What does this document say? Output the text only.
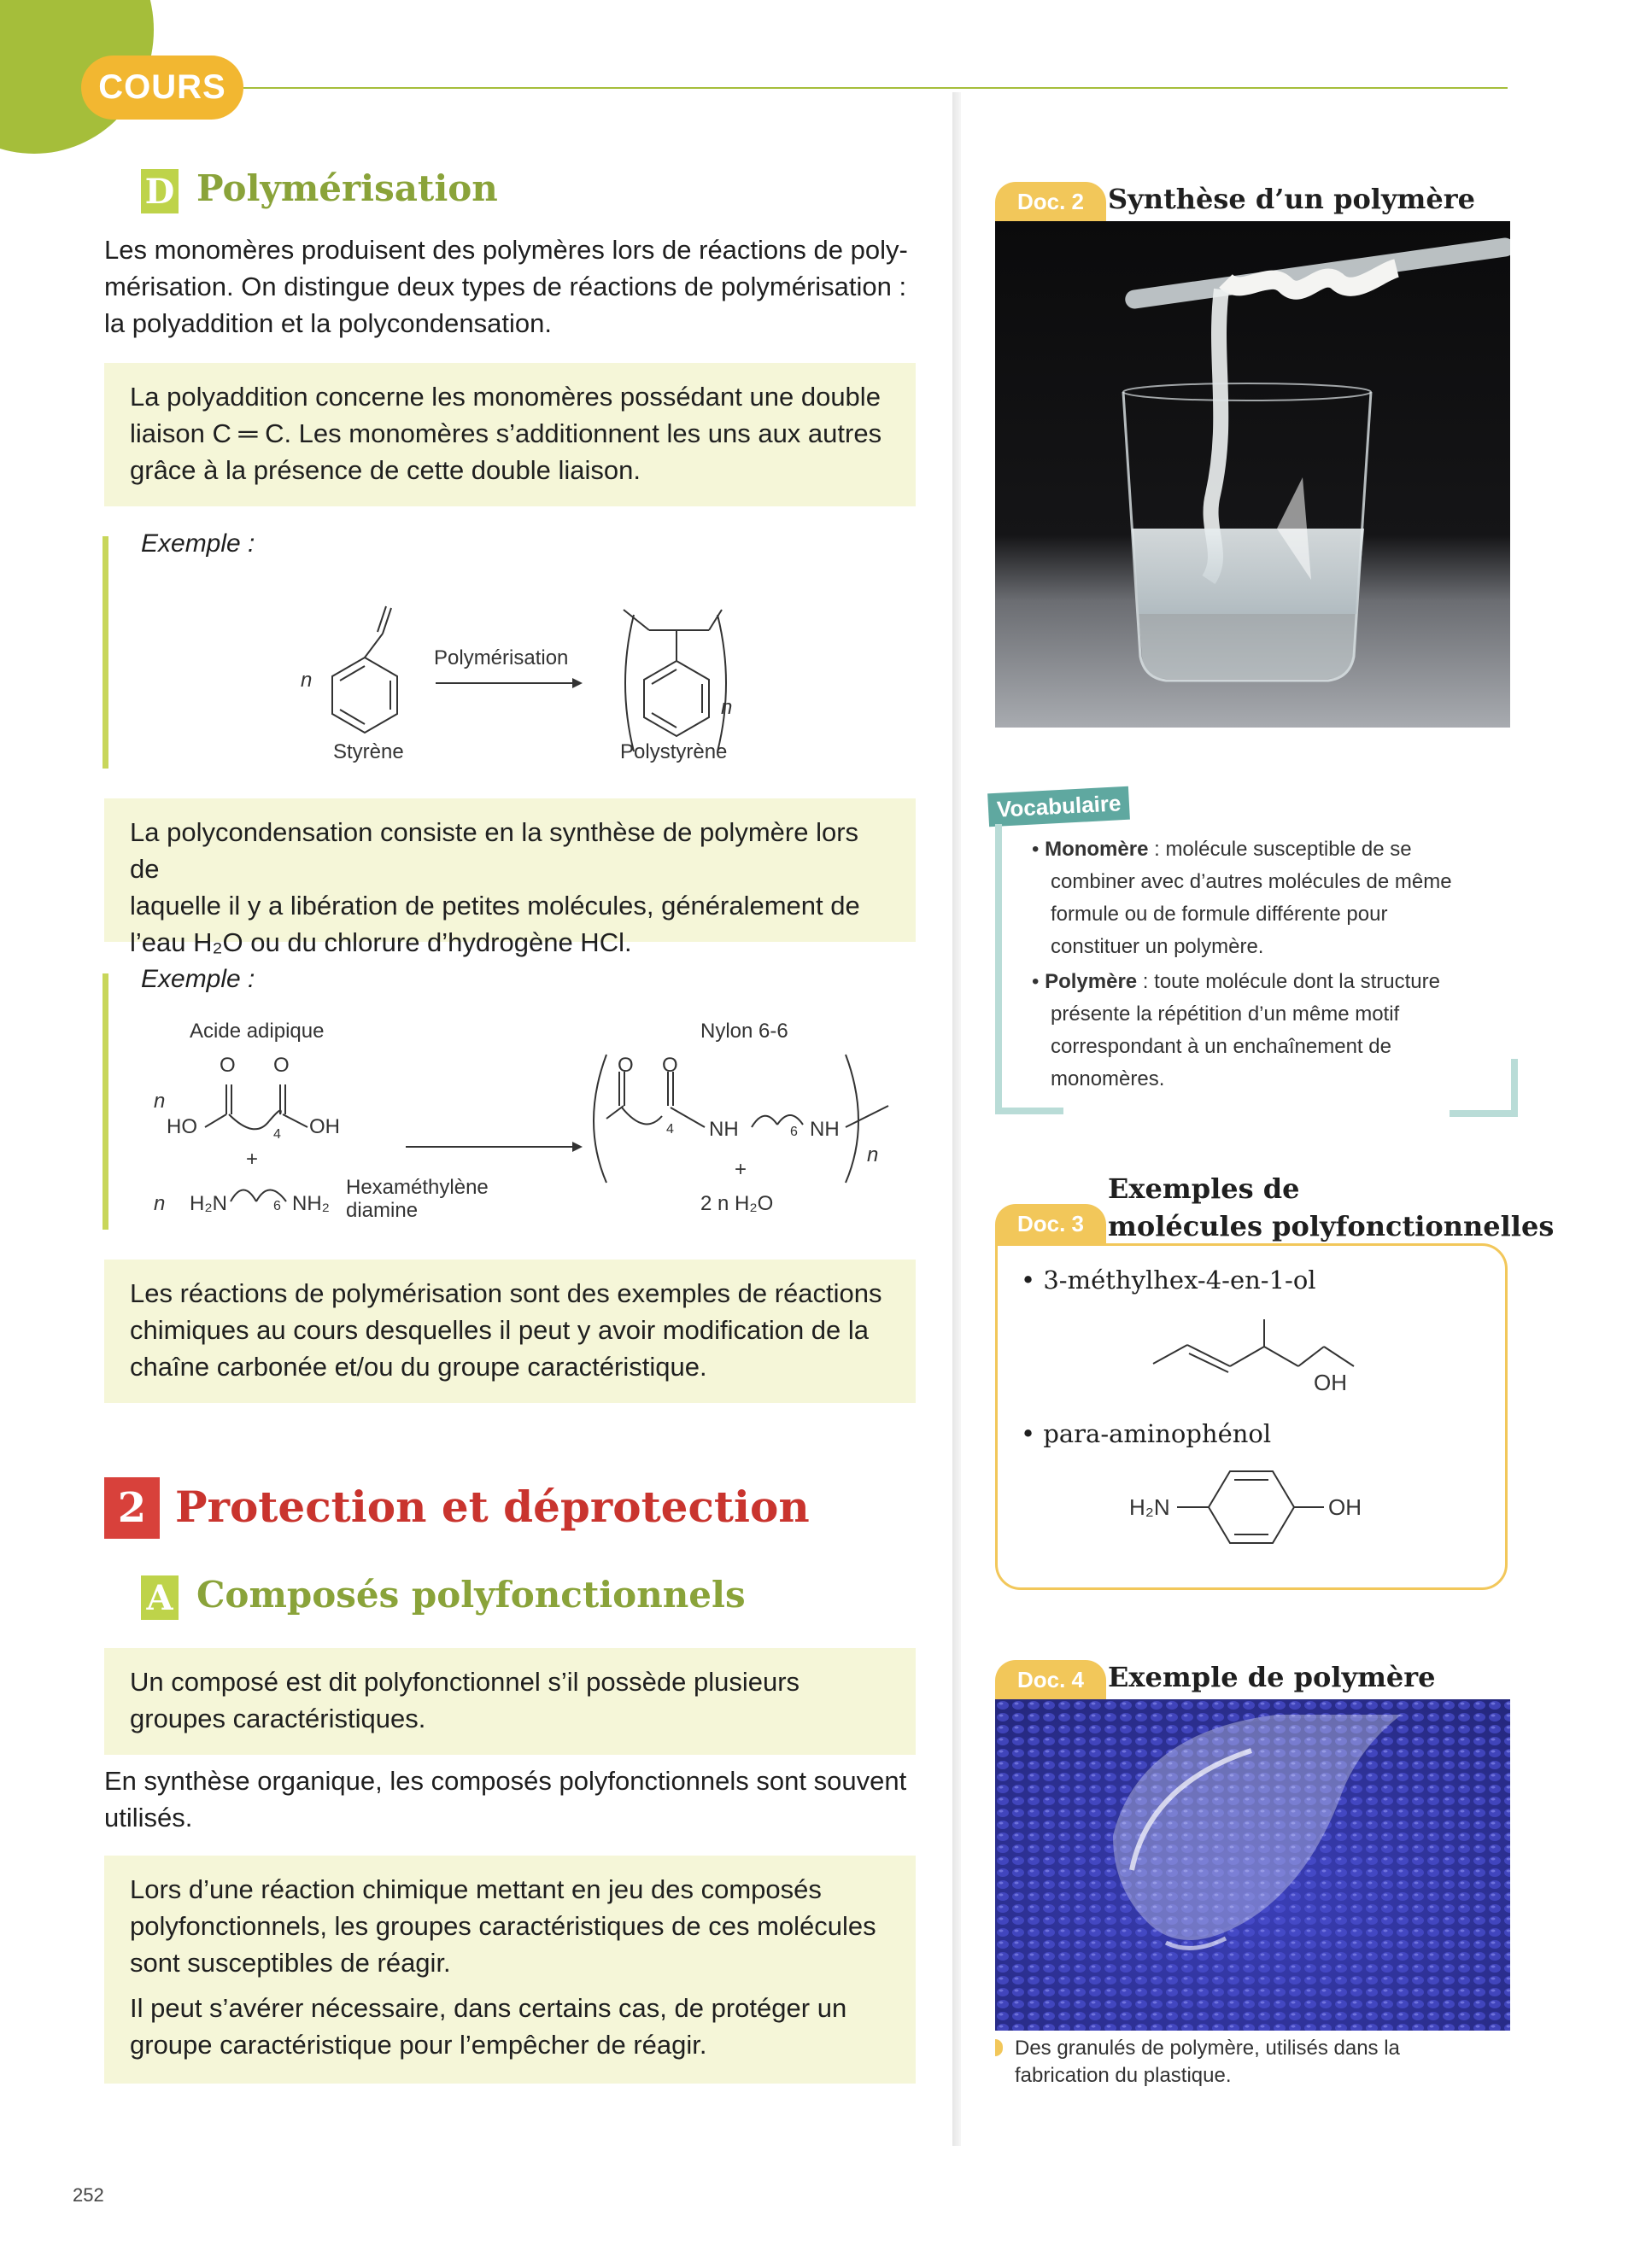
COURS
D Polymérisation
Les monomères produisent des polymères lors de réactions de poly-
mérisation. On distingue deux types de réactions de polymérisation :
la polyaddition et la polycondensation.
La polyaddition concerne les monomères possédant une double
liaison C ═ C. Les monomères s’additionnent les uns aux autres
grâce à la présence de cette double liaison.
Exemple :
n
Polymérisation
n
Styrène	Polystyrène
La polycondensation consiste en la synthèse de polymère lors de
laquelle il y a libération de petites molécules, généralement de
l’eau H₂O ou du chlorure d’hydrogène HCl.
Exemple :
Acide adipique	Nylon 6-6
O O
n
HO	OH
4
+
n H₂N	6 NH₂
Hexaméthylène
diamine
O O
4 NH	6 NH
n
+
2 n H₂O
Les réactions de polymérisation sont des exemples de réactions
chimiques au cours desquelles il peut y avoir modification de la
chaîne carbonée et/ou du groupe caractéristique.
2 Protection et déprotection
A Composés polyfonctionnels
Un composé est dit polyfonctionnel s’il possède plusieurs
groupes caractéristiques.
En synthèse organique, les composés polyfonctionnels sont souvent
utilisés.
Lors d’une réaction chimique mettant en jeu des composés
polyfonctionnels, les groupes caractéristiques de ces molécules
sont susceptibles de réagir.
Il peut s’avérer nécessaire, dans certains cas, de protéger un
groupe caractéristique pour l’empêcher de réagir.
252
Doc. 2 Synthèse d’un polymère
Vocabulaire
• Monomère : molécule susceptible de se
combiner avec d’autres molécules de même
formule ou de formule différente pour
constituer un polymère.
• Polymère : toute molécule dont la structure
présente la répétition d’un même motif
correspondant à un enchaînement de
monomères.
Doc. 3
Exemples de
molécules polyfonctionnelles
• 3-méthylhex-4-en-1-ol
OH
• para-aminophénol
H₂N	OH
Doc. 4 Exemple de polymère
Des granulés de polymère, utilisés dans la
fabrication du plastique.
